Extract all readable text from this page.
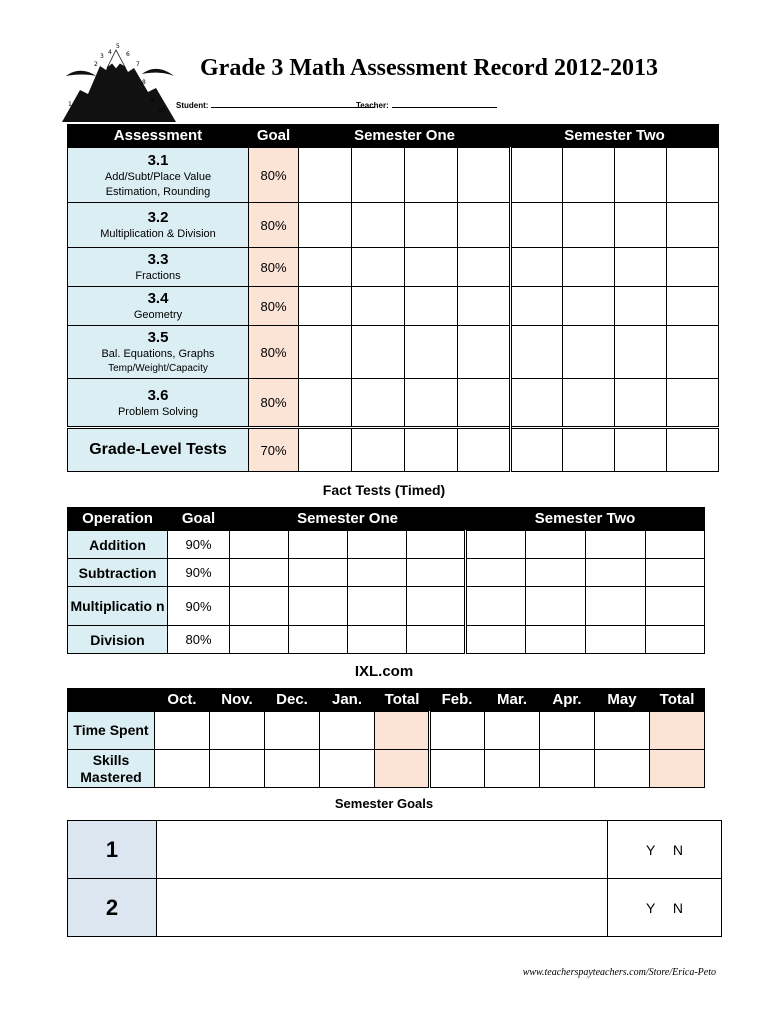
1
2
3
4
5
6
7
8
9
10
Grade 3 Math Assessment Record 2012-2013
Student:	Teacher:
Assessment	Goal	Semester One				Semester Two			

3.1
Add/Subt/Place Value
Estimation, Rounding	80%								

3.2
Multiplication & Division	80%								

3.3
Fractions	80%								

3.4
Geometry	80%								

3.5
Bal. Equations, Graphs
Temp/Weight/Capacity	80%								

3.6
Problem Solving	80%								
Grade-Level Tests	70%								
Fact Tests (Timed)
Operation	Goal	Semester One				Semester Two			
Addition	90%								
Subtraction	90%								
Multiplicatio n	90%								
Division	80%								
IXL.com
	Oct.	Nov.	Dec.	Jan.	Total	Feb.	Mar.	Apr.	May	Total
Time Spent										
Skills Mastered										
Semester Goals
1		Y N
2		Y N
www.teacherspayteachers.com/Store/Erica-Peto
